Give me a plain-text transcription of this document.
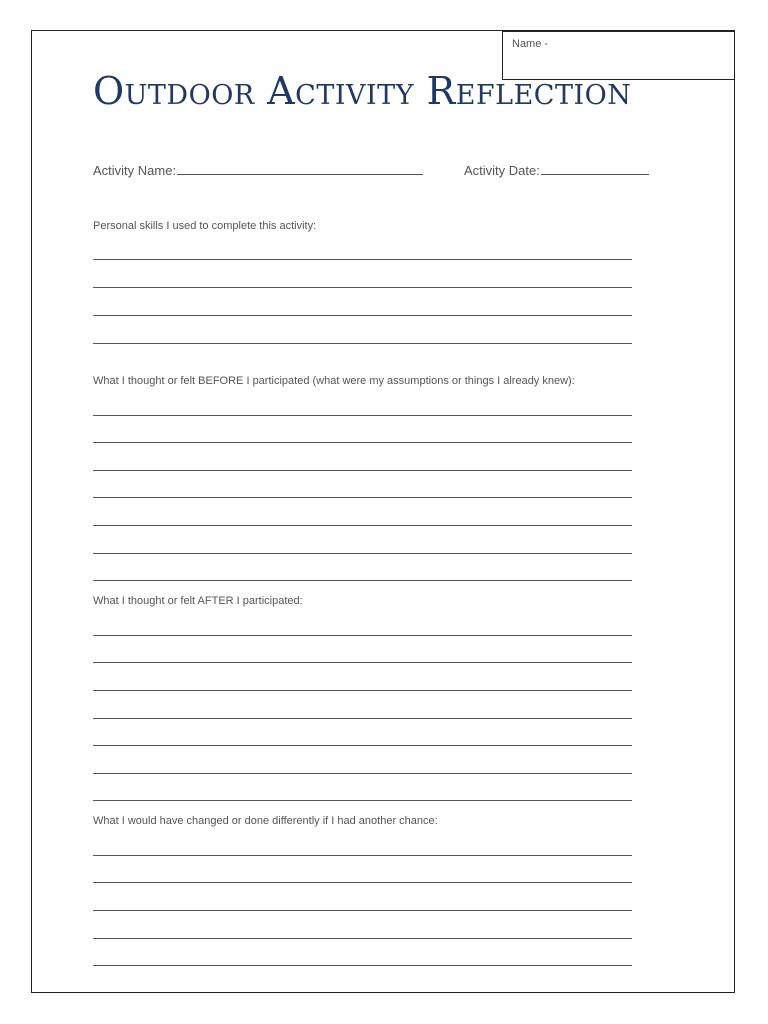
Name -
Outdoor Activity Reflection
Activity Name:	Activity Date:
Personal skills I used to complete this activity:
What I thought or felt BEFORE I participated (what were my assumptions or things I already knew):
What I thought or felt AFTER I participated:
What I would have changed or done differently if I had another chance:
